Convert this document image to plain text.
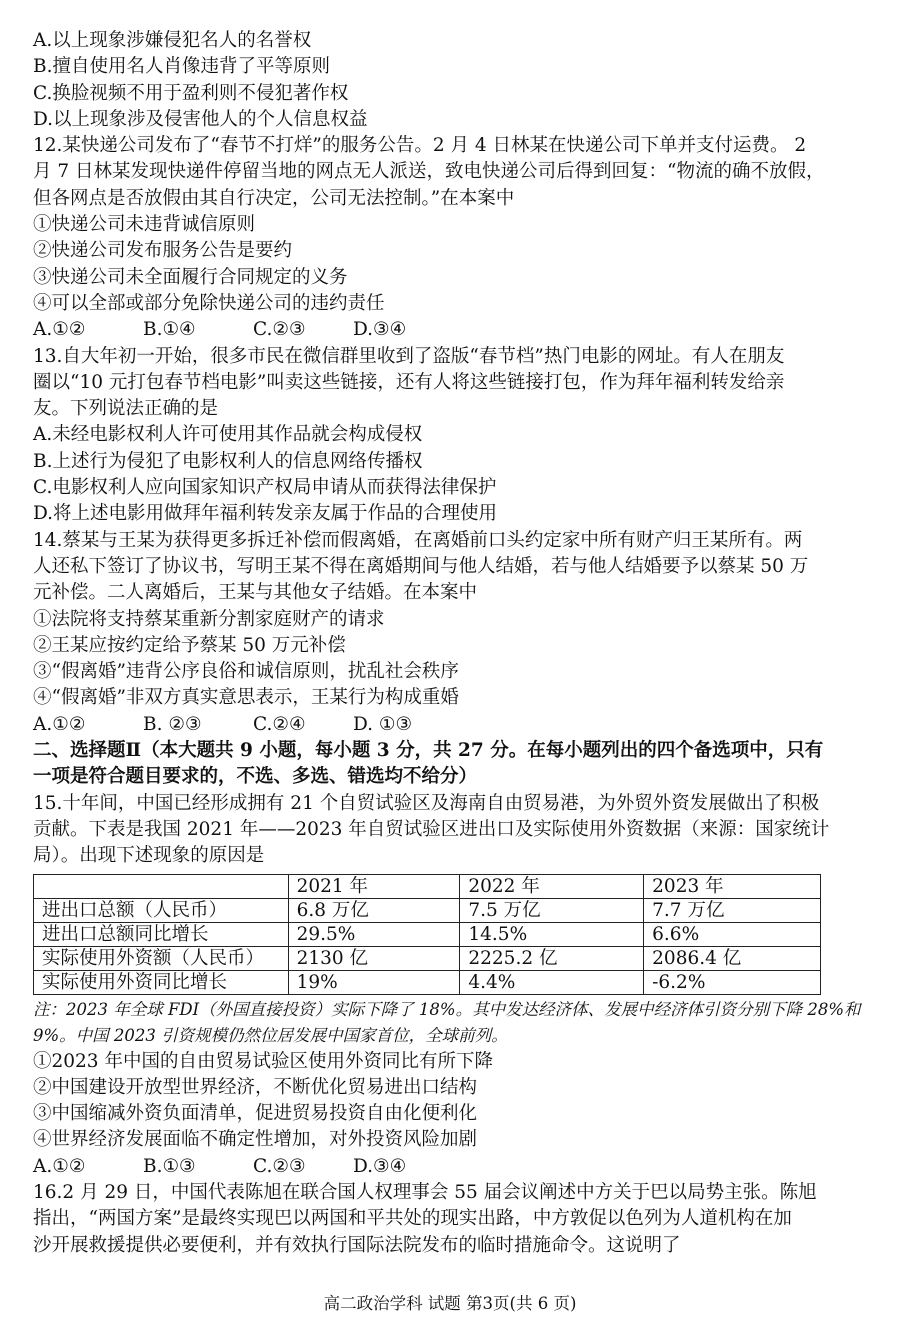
A.以上现象涉嫌侵犯名人的名誉权
B.擅自使用名人肖像违背了平等原则
C.换脸视频不用于盈利则不侵犯著作权
D.以上现象涉及侵害他人的个人信息权益
12.某快递公司发布了“春节不打烊”的服务公告。2 月 4 日林某在快递公司下单并支付运费。 2
月 7 日林某发现快递件停留当地的网点无人派送，致电快递公司后得到回复：“物流的确不放假，
但各网点是否放假由其自行决定，公司无法控制。”在本案中
①快递公司未违背诚信原则
②快递公司发布服务公告是要约
③快递公司未全面履行合同规定的义务
④可以全部或部分免除快递公司的违约责任
A.①②	B.①④	C.②③	D.③④
13.自大年初一开始，很多市民在微信群里收到了盗版“春节档”热门电影的网址。有人在朋友
圈以“10 元打包春节档电影”叫卖这些链接，还有人将这些链接打包，作为拜年福利转发给亲
友。下列说法正确的是
A.未经电影权利人许可使用其作品就会构成侵权
B.上述行为侵犯了电影权利人的信息网络传播权
C.电影权利人应向国家知识产权局申请从而获得法律保护
D.将上述电影用做拜年福利转发亲友属于作品的合理使用
14.蔡某与王某为获得更多拆迁补偿而假离婚，在离婚前口头约定家中所有财产归王某所有。两
人还私下签订了协议书，写明王某不得在离婚期间与他人结婚，若与他人结婚要予以蔡某 50 万
元补偿。二人离婚后，王某与其他女子结婚。在本案中
①法院将支持蔡某重新分割家庭财产的请求
②王某应按约定给予蔡某 50 万元补偿
③“假离婚”违背公序良俗和诚信原则，扰乱社会秩序
④“假离婚”非双方真实意思表示，王某行为构成重婚
A.①②	B. ②③	C.②④	D. ①③
二、选择题Ⅱ（本大题共 9 小题，每小题 3 分，共 27 分。在每小题列出的四个备选项中，只有
一项是符合题目要求的，不选、多选、错选均不给分）
15.十年间，中国已经形成拥有 21 个自贸试验区及海南自由贸易港，为外贸外资发展做出了积极
贡献。下表是我国 2021 年——2023 年自贸试验区进出口及实际使用外资数据（来源：国家统计
局）。出现下述现象的原因是
	2021 年	2022 年	2023 年
进出口总额（人民币）	6.8 万亿	7.5 万亿	7.7 万亿
进出口总额同比增长	29.5%	14.5%	6.6%
实际使用外资额（人民币）	2130 亿	2225.2 亿	2086.4 亿
实际使用外资同比增长	19%	4.4%	-6.2%
注：2023 年全球 FDI（外国直接投资）实际下降了 18%。其中发达经济体、发展中经济体引资分别下降 28%和 9%。中国 2023 引资规模仍然位居发展中国家首位，全球前列。
①2023 年中国的自由贸易试验区使用外资同比有所下降
②中国建设开放型世界经济，不断优化贸易进出口结构
③中国缩减外资负面清单，促进贸易投资自由化便利化
④世界经济发展面临不确定性增加，对外投资风险加剧
A.①②	B.①③	C.②③	D.③④
16.2 月 29 日，中国代表陈旭在联合国人权理事会 55 届会议阐述中方关于巴以局势主张。陈旭
指出，“两国方案”是最终实现巴以两国和平共处的现实出路，中方敦促以色列为人道机构在加
沙开展救援提供必要便利，并有效执行国际法院发布的临时措施命令。这说明了
高二政治学科 试题 第3页(共 6 页)
